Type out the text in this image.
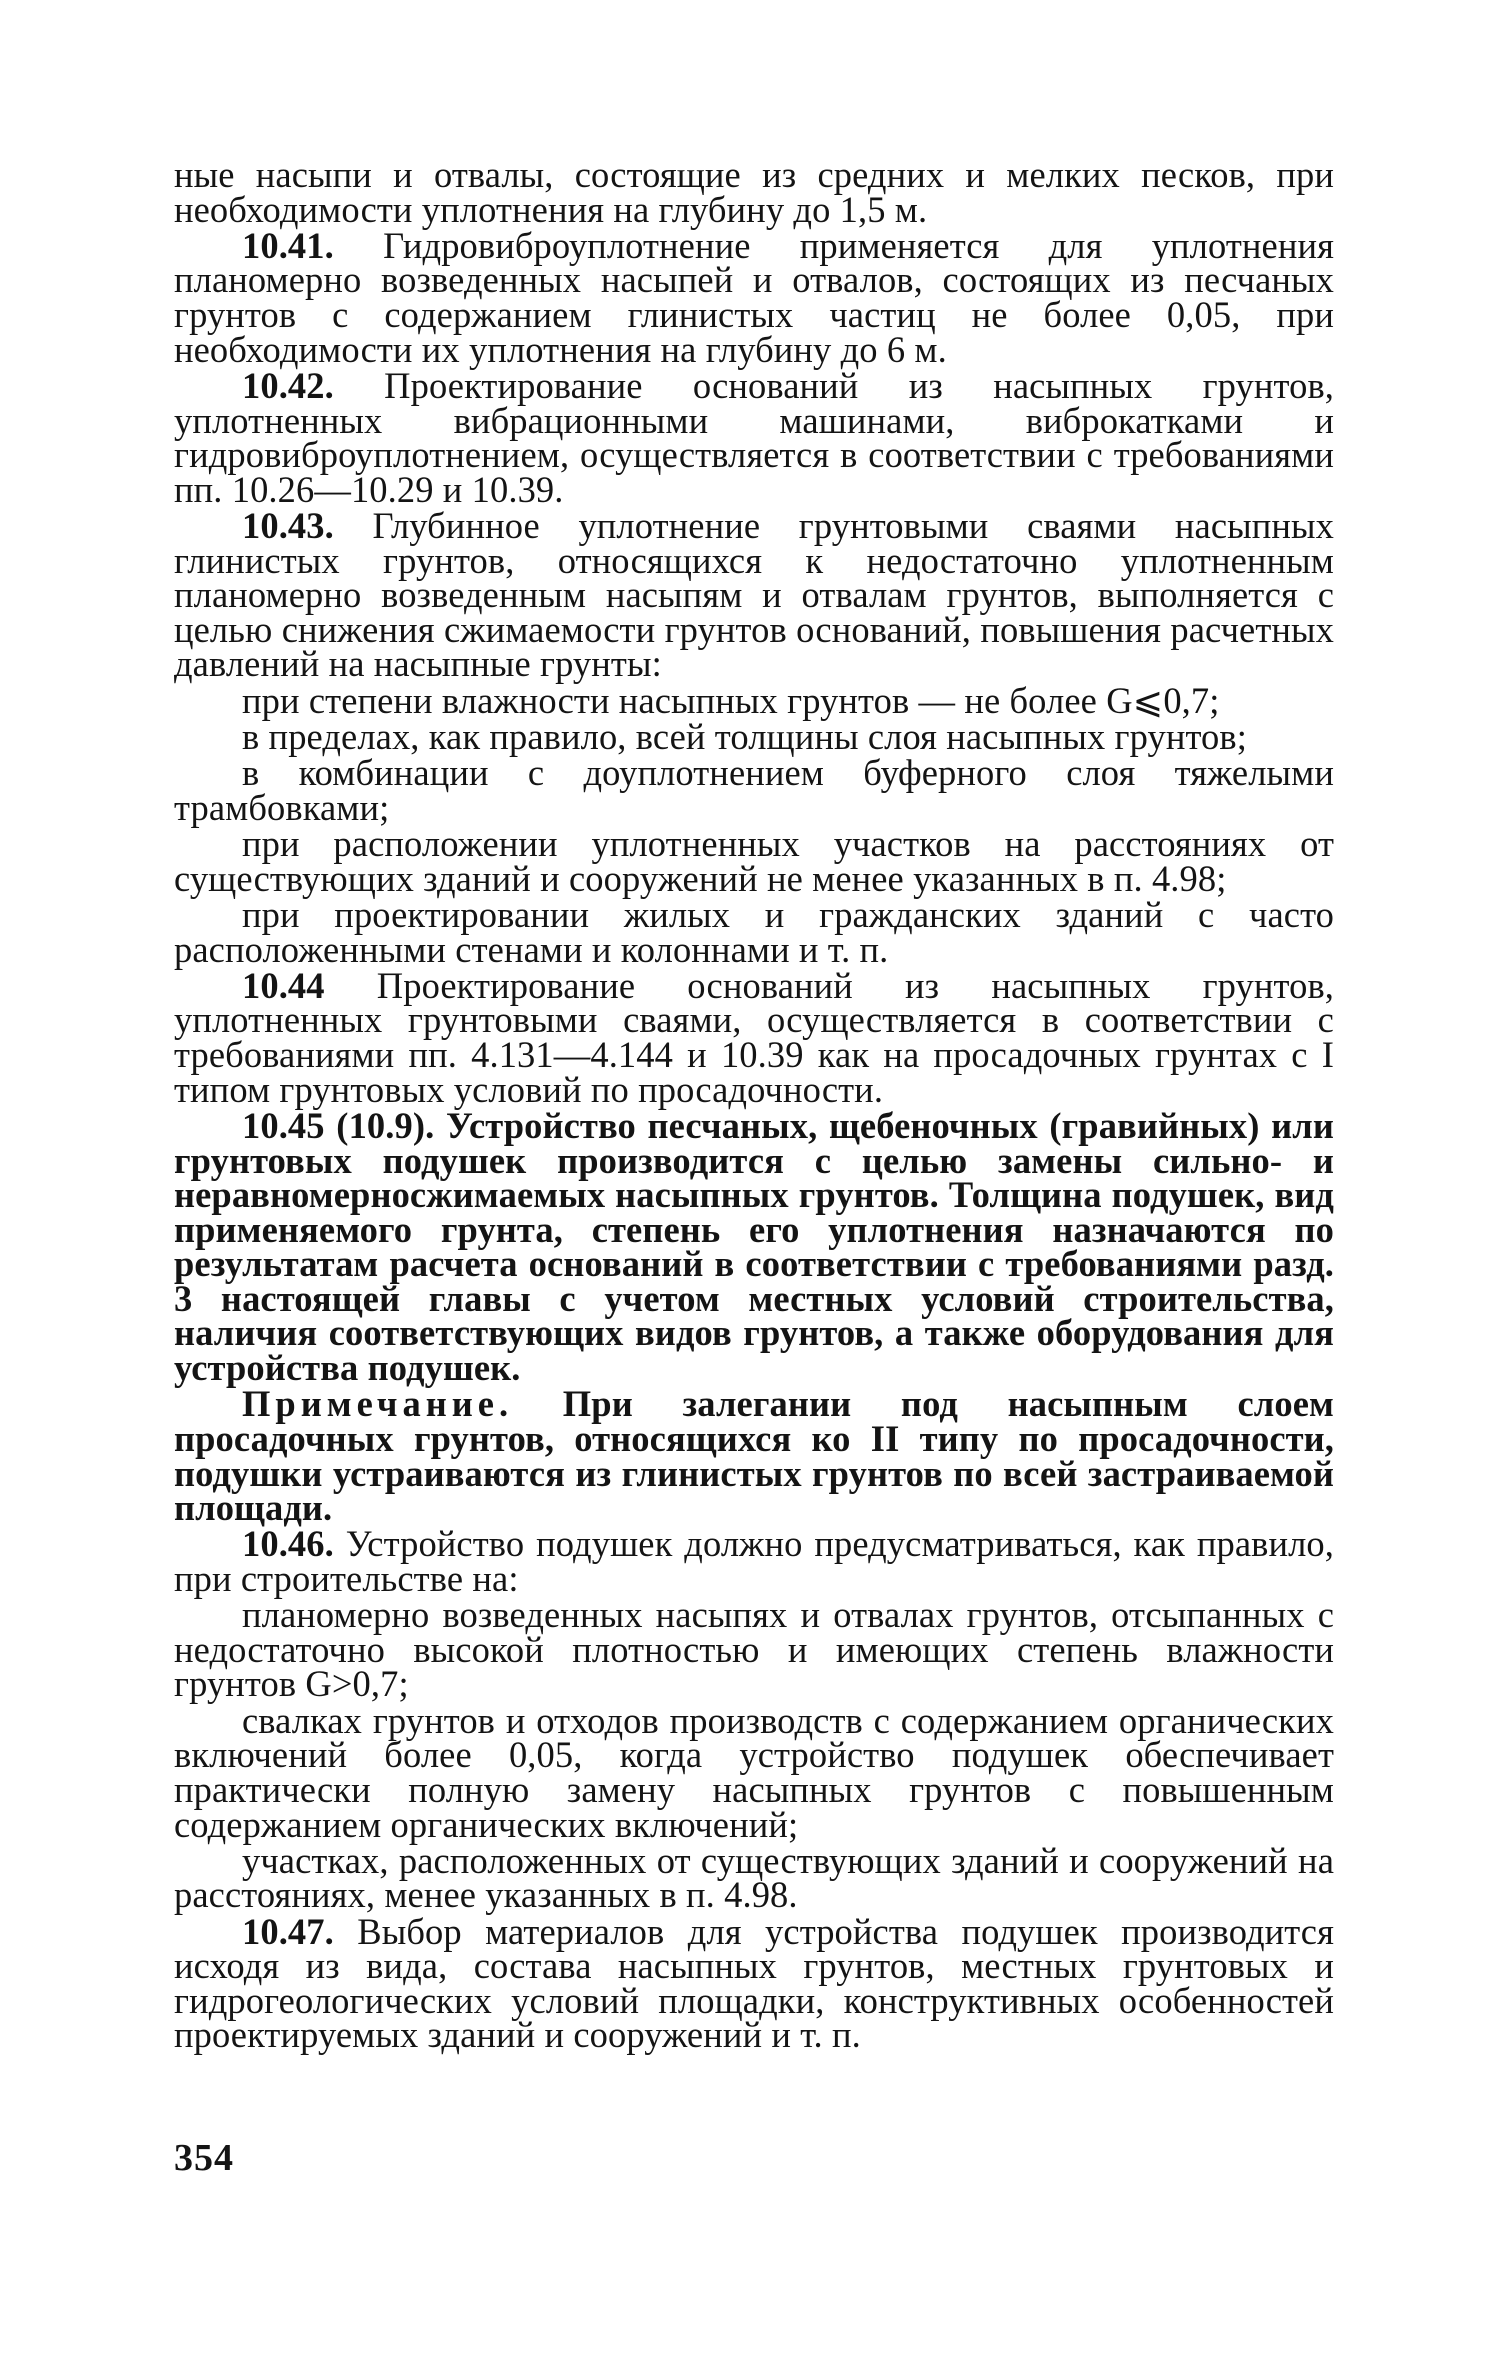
ные насыпи и отвалы, состоящие из средних и мелких песков, при необходимости уплотнения на глубину до 1,5 м.

10.41. Гидровиброуплотнение применяется для уплотнения планомерно возведенных насыпей и отвалов, состоящих из песчаных грунтов с содержанием глинистых частиц не более 0,05, при необходимости их уплотнения на глубину до 6 м.

10.42. Проектирование оснований из насыпных грунтов, уплотненных вибрационными машинами, виброкатками и гидровиброуплотнением, осуществляется в соответствии с требованиями пп. 10.26—10.29 и 10.39.

10.43. Глубинное уплотнение грунтовыми сваями насыпных глинистых грунтов, относящихся к недостаточно уплотненным планомерно возведенным насыпям и отвалам грунтов, выполняется с целью снижения сжимаемости грунтов оснований, повышения расчетных давлений на насыпные грунты:

при степени влажности насыпных грунтов — не более G⩽0,7;

в пределах, как правило, всей толщины слоя насыпных грунтов;

в комбинации с доуплотнением буферного слоя тяжелыми трамбовками;

при расположении уплотненных участков на расстояниях от существующих зданий и сооружений не менее указанных в п. 4.98;

при проектировании жилых и гражданских зданий с часто расположенными стенами и колоннами и т. п.

10.44 Проектирование оснований из насыпных грунтов, уплотненных грунтовыми сваями, осуществляется в соответствии с требованиями пп. 4.131—4.144 и 10.39 как на просадочных грунтах с I типом грунтовых условий по просадочности.

10.45 (10.9). Устройство песчаных, щебеночных (гравийных) или грунтовых подушек производится с целью замены сильно- и неравномерносжимаемых насыпных грунтов. Толщина подушек, вид применяемого грунта, степень его уплотнения назначаются по результатам расчета оснований в соответствии с требованиями разд. 3 настоящей главы с учетом местных условий строительства, наличия соответствующих видов грунтов, а также оборудования для устройства подушек.

Примечание. При залегании под насыпным слоем просадочных грунтов, относящихся ко II типу по просадочности, подушки устраиваются из глинистых грунтов по всей застраиваемой площади.

10.46. Устройство подушек должно предусматриваться, как правило, при строительстве на:

планомерно возведенных насыпях и отвалах грунтов, отсыпанных с недостаточно высокой плотностью и имеющих степень влажности грунтов G>0,7;

свалках грунтов и отходов производств с содержанием органических включений более 0,05, когда устройство подушек обеспечивает практически полную замену насыпных грунтов с повышенным содержанием органических включений;

участках, расположенных от существующих зданий и сооружений на расстояниях, менее указанных в п. 4.98.

10.47. Выбор материалов для устройства подушек производится исходя из вида, состава насыпных грунтов, местных грунтовых и гидрогеологических условий площадки, конструктивных особенностей проектируемых зданий и сооружений и т. п.

354
